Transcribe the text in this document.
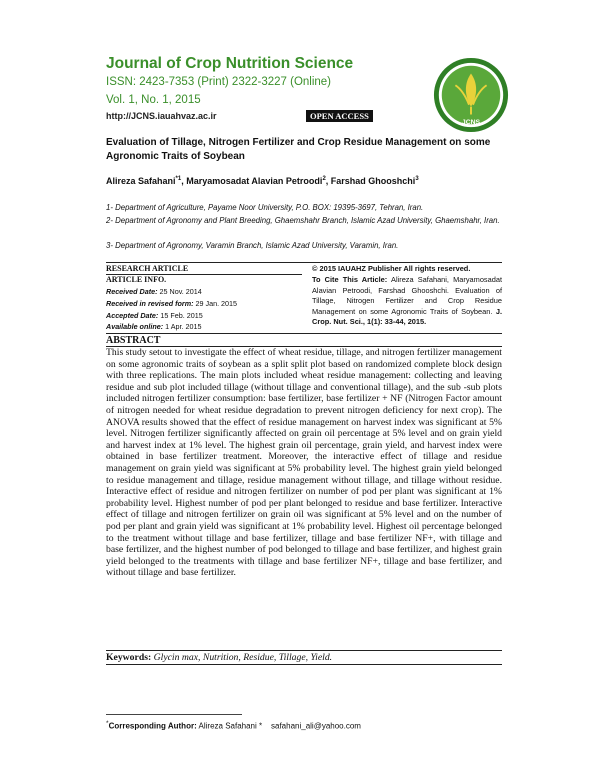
Journal of Crop Nutrition Science
ISSN: 2423-7353 (Print) 2322-3227 (Online)
Vol. 1, No. 1, 2015
http://JCNS.iauahvaz.ac.ir	OPEN ACCESS
JCNS
Evaluation of Tillage, Nitrogen Fertilizer and Crop Residue Management on some Agronomic Traits of Soybean
Alireza Safahani$^{*1}$, Maryamosadat Alavian Petroodi$^2$, Farshad Ghooshchi$^3$
1- Department of Agriculture, Payame Noor University, P.O. BOX: 19395-3697, Tehran, Iran.
2- Department of Agronomy and Plant Breeding, Ghaemshahr Branch, Islamic Azad University, Ghaemshahr, Iran.
3- Department of Agronomy, Varamin Branch, Islamic Azad University, Varamin, Iran.
RESEARCH ARTICLE	© 2015 IAUAHZ Publisher All rights reserved.
ARTICLE INFO.
Received Date: 25 Nov. 2014
Received in revised form: 29 Jan. 2015
Accepted Date: 15 Feb. 2015
Available online: 1 Apr. 2015
To Cite This Article: Alireza Safahani, Maryamosadat Alavian Petroodi, Farshad Ghooshchi. Evaluation of Tillage, Nitrogen Fertilizer and Crop Residue Management on some Agronomic Traits of Soybean. J. Crop. Nut. Sci., 1(1): 33-44, 2015.
ABSTRACT
This study setout to investigate the effect of wheat residue, tillage, and nitrogen fertilizer management on some agronomic traits of soybean as a split split plot based on randomized complete block design with three replications. The main plots included wheat residue management: collecting and leaving residue and sub plot included tillage (without tillage and conventional tillage), and the sub -sub plots included nitrogen fertilizer consumption: base fertilizer, base fertilizer + NF (Nitrogen Factor amount of nitrogen needed for wheat residue degradation to prevent nitrogen deficiency for next crop). The ANOVA results showed that the effect of residue management on harvest index was significant at 5% level. Nitrogen fertilizer significantly affected on grain oil percentage at 5% level and on grain yield and harvest index at 1% level. The highest grain oil percentage, grain yield, and harvest index were obtained in base fertilizer treatment. Moreover, the interactive effect of tillage and residue management on grain yield was significant at 5% probability level. The highest grain yield belonged to residue management and tillage, residue management without tillage, and tillage without residue. Interactive effect of residue and nitrogen fertilizer on number of pod per plant was significant at 1% probability level. Highest number of pod per plant belonged to residue and base fertilizer. Interactive effect of tillage and nitrogen fertilizer on grain oil was significant at 5% level and on the number of pod per plant and grain yield was significant at 1% probability level. Highest oil percentage belonged to the treatment without tillage and base fertilizer, tillage and base fertilizer NF+, with tillage and base fertilizer, and the highest number of pod belonged to tillage and base fertilizer, and highest grain yield belonged to the treatments with tillage and base fertilizer NF+, tillage and base fertilizer, and without tillage and base fertilizer.
Keywords: Glycin max, Nutrition, Residue, Tillage, Yield.
*Corresponding Author: Alireza Safahani * safahani_ali@yahoo.com
